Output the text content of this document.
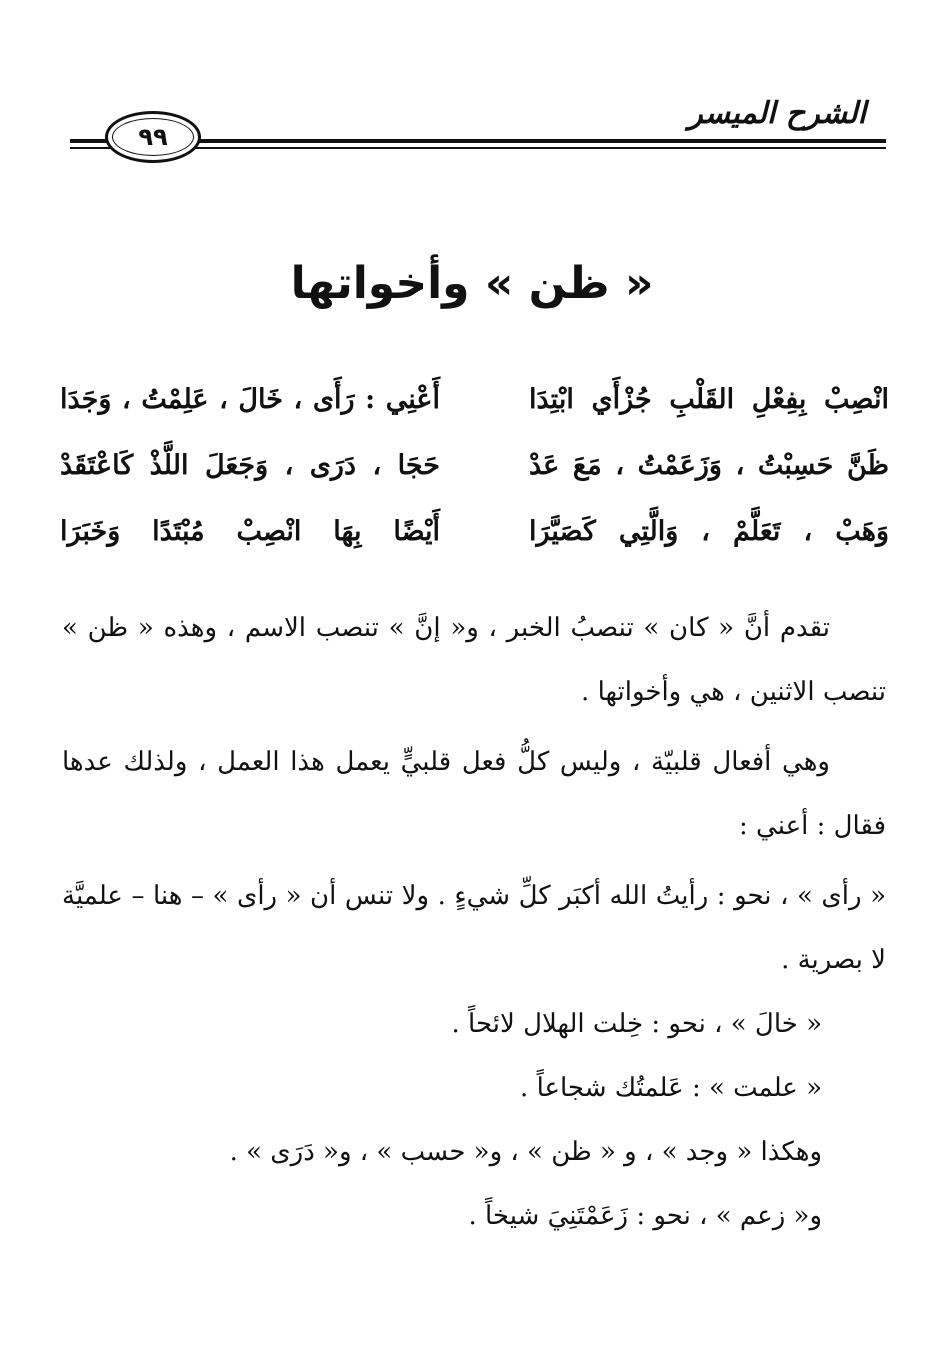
الشرح الميسر
٩٩
« ظن » وأخواتها
انْصِبْ بِفِعْلِ القَلْبِ جُزْأَي ابْتِدَا
أَعْنِي : رَأَى ، خَالَ ، عَلِمْتُ ، وَجَدَا
ظَنَّ حَسِبْتُ ، وَزَعَمْتُ ، مَعَ عَدْ
حَجَا ، دَرَى ، وَجَعَلَ اللَّذْ كَاعْتَقَدْ
وَهَبْ ، تَعَلَّمْ ، وَالَّتِي كَصَيَّرَا
أَيْضًا بِهَا انْصِبْ مُبْتَدًا وَخَبَرَا

تقدم أنَّ « كان » تنصبُ الخبر ، و« إنَّ » تنصب الاسم ، وهذه « ظن » تنصب الاثنين ، هي وأخواتها .

وهي أفعال قلبيّة ، وليس كلُّ فعل قلبيٍّ يعمل هذا العمل ، ولذلك عدها فقال : أعني :

« رأى » ، نحو : رأيتُ الله أكبَر كلِّ شيءٍ . ولا تنس أن « رأى » – هنا – علميَّة لا بصرية .

« خالَ » ، نحو : خِلت الهلال لائحاً .

« علمت » : عَلمتُك شجاعاً .

وهكذا « وجد » ، و « ظن » ، و« حسب » ، و« دَرَى » .

و« زعم » ، نحو : زَعَمْتَنِيَ شيخاً .
